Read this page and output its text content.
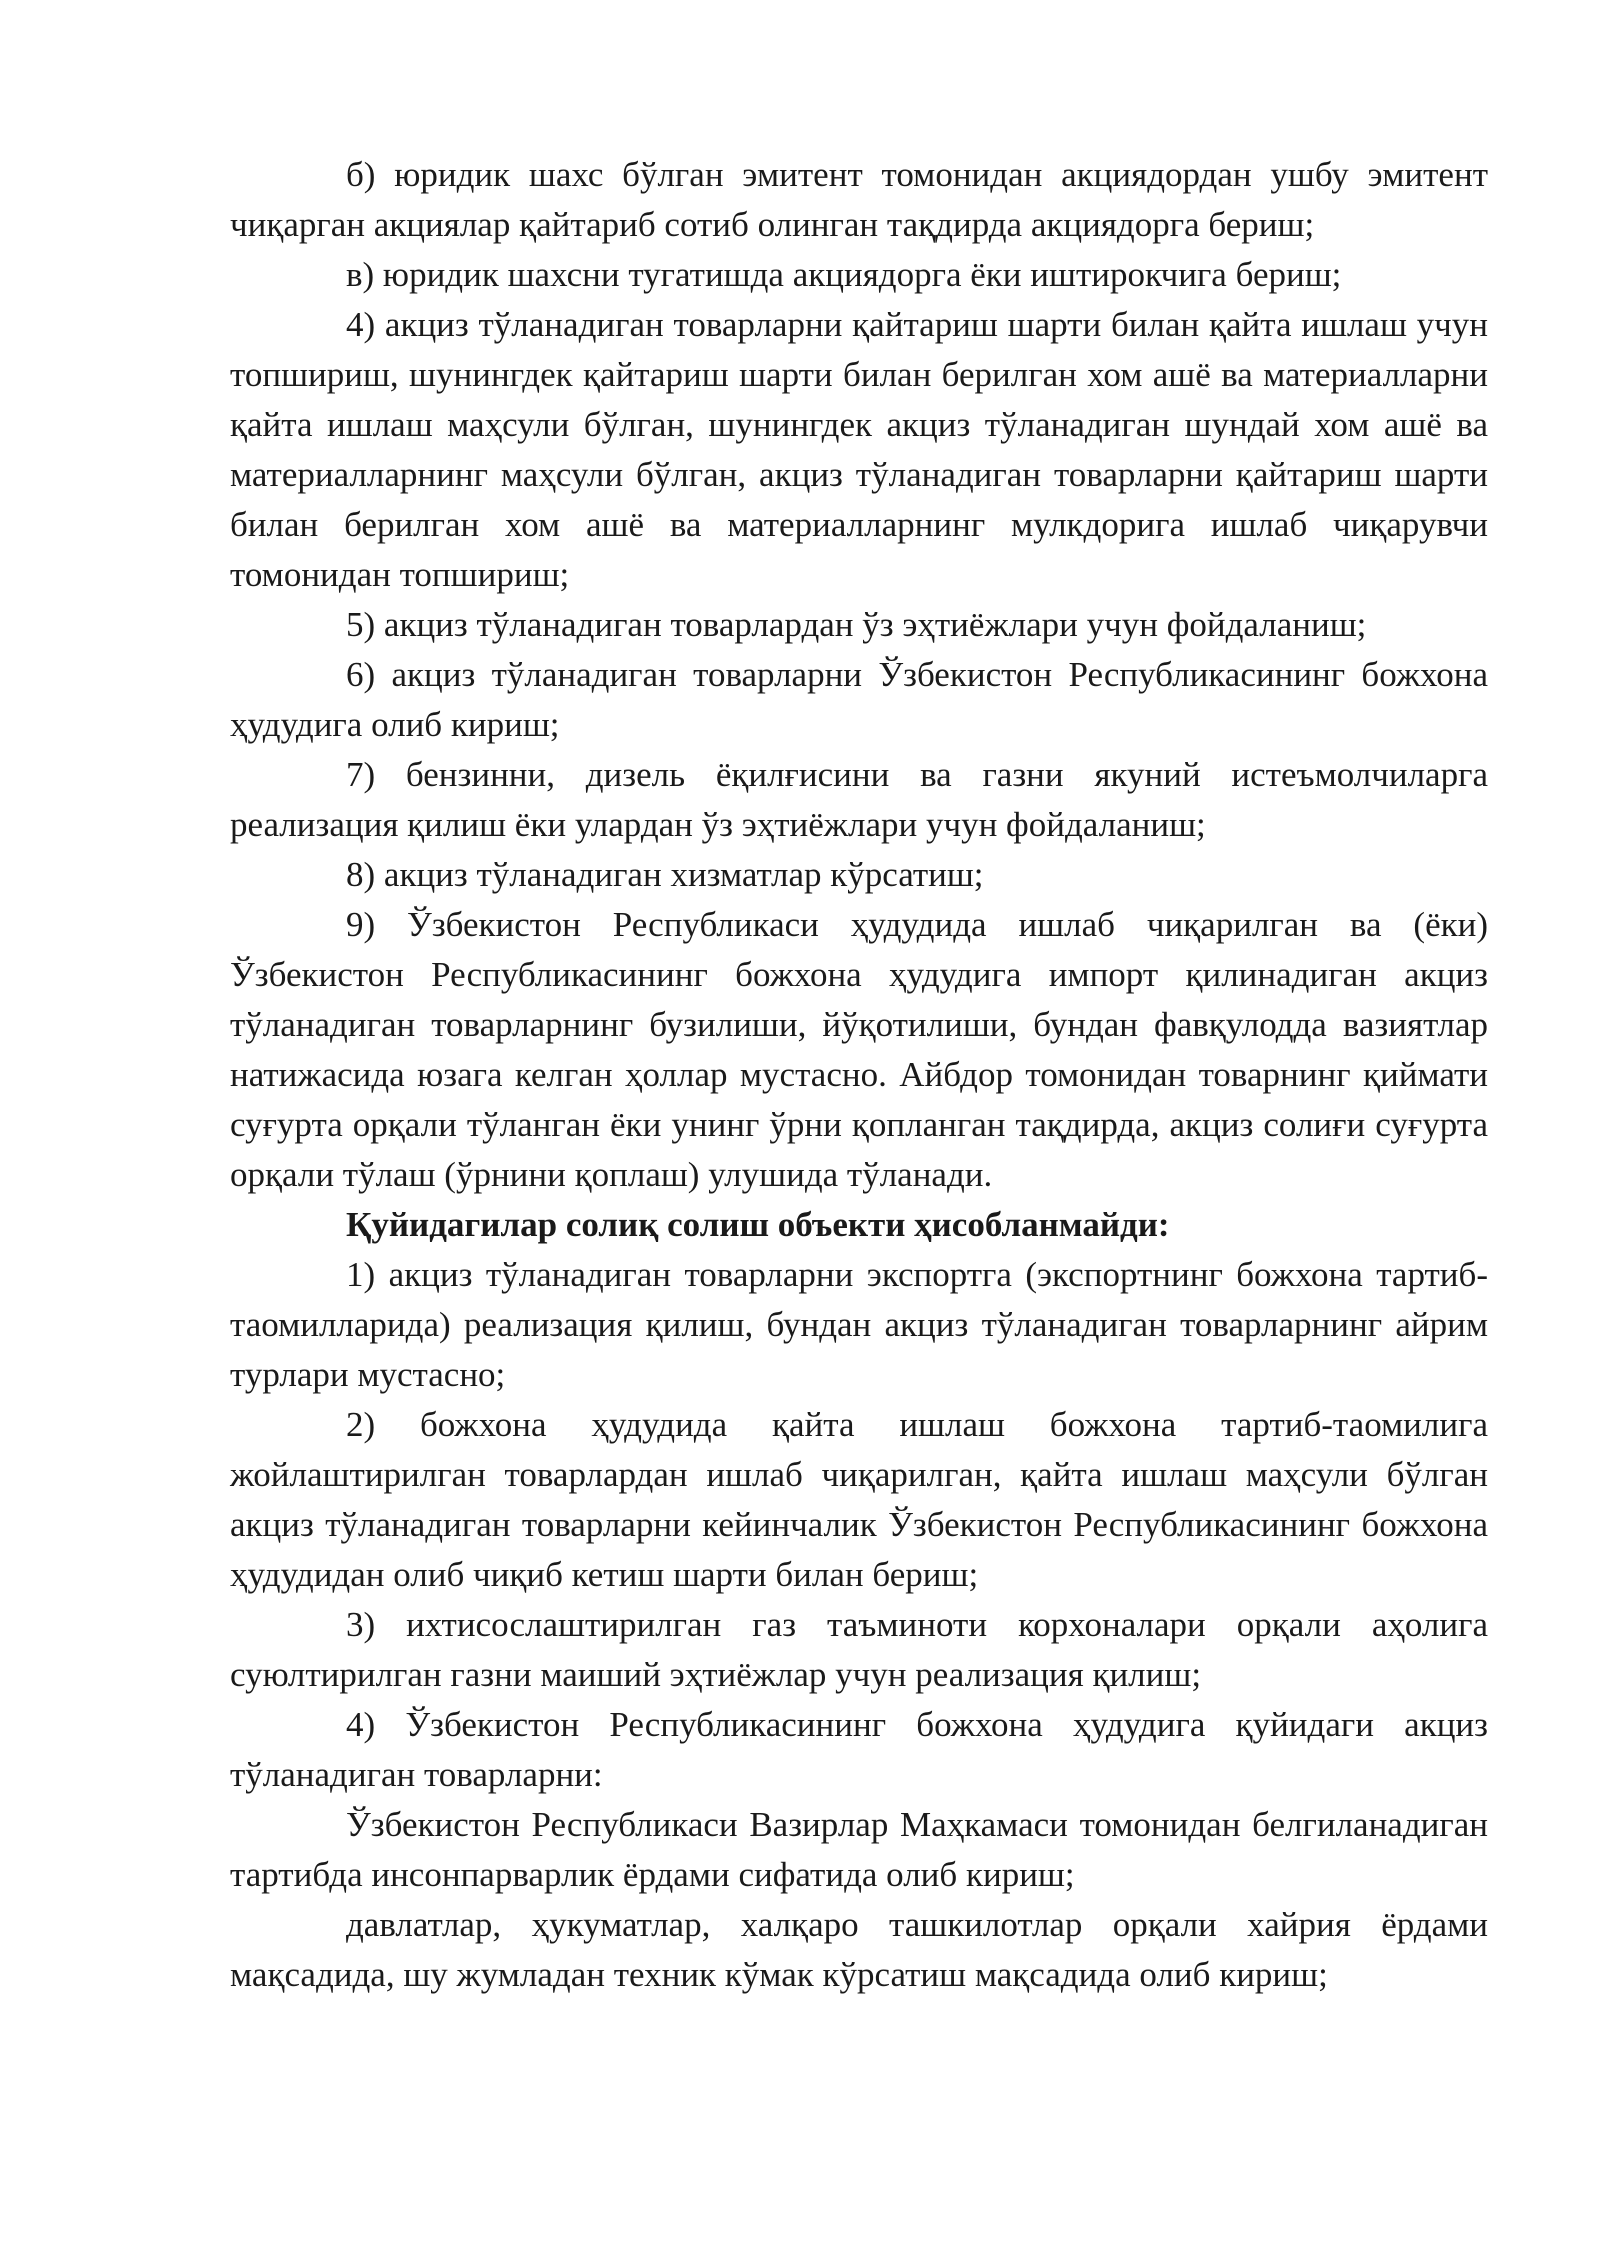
б) юридик шахс бўлган эмитент томонидан акциядордан ушбу эмитент чиқарган акциялар қайтариб сотиб олинган тақдирда акциядорга бериш;

в) юридик шахсни тугатишда акциядорга ёки иштирокчига бериш;

4) акциз тўланадиган товарларни қайтариш шарти билан қайта ишлаш учун топшириш, шунингдек қайтариш шарти билан берилган хом ашё ва материалларни қайта ишлаш маҳсули бўлган, шунингдек акциз тўланадиган шундай хом ашё ва материалларнинг маҳсули бўлган, акциз тўланадиган товарларни қайтариш шарти билан берилган хом ашё ва материалларнинг мулкдорига ишлаб чиқарувчи томонидан топшириш;

5) акциз тўланадиган товарлардан ўз эҳтиёжлари учун фойдаланиш;

6) акциз тўланадиган товарларни Ўзбекистон Республикасининг божхона ҳудудига олиб кириш;

7) бензинни, дизель ёқилғисини ва газни якуний истеъмолчиларга реализация қилиш ёки улардан ўз эҳтиёжлари учун фойдаланиш;

8) акциз тўланадиган хизматлар кўрсатиш;

9) Ўзбекистон Республикаси ҳудудида ишлаб чиқарилган ва (ёки) Ўзбекистон Республикасининг божхона ҳудудига импорт қилинадиган акциз тўланадиган товарларнинг бузилиши, йўқотилиши, бундан фавқулодда вазиятлар натижасида юзага келган ҳоллар мустасно. Айбдор томонидан товарнинг қиймати суғурта орқали тўланган ёки унинг ўрни қопланган тақдирда, акциз солиғи суғурта орқали тўлаш (ўрнини қоплаш) улушида тўланади.

Қуйидагилар солиқ солиш объекти ҳисобланмайди:

1) акциз тўланадиган товарларни экспортга (экспортнинг божхона тартиб-таомилларида) реализация қилиш, бундан акциз тўланадиган товарларнинг айрим турлари мустасно;

2) божхона ҳудудида қайта ишлаш божхона тартиб-таомилига жойлаштирилган товарлардан ишлаб чиқарилган, қайта ишлаш маҳсули бўлган акциз тўланадиган товарларни кейинчалик Ўзбекистон Республикасининг божхона ҳудудидан олиб чиқиб кетиш шарти билан бериш;

3) ихтисослаштирилган газ таъминоти корхоналари орқали аҳолига суюлтирилган газни маиший эҳтиёжлар учун реализация қилиш;

4) Ўзбекистон Республикасининг божхона ҳудудига қуйидаги акциз тўланадиган товарларни:

Ўзбекистон Республикаси Вазирлар Маҳкамаси томонидан белгиланадиган тартибда инсонпарварлик ёрдами сифатида олиб кириш;

давлатлар, ҳукуматлар, халқаро ташкилотлар орқали хайрия ёрдами мақсадида, шу жумладан техник кўмак кўрсатиш мақсадида олиб кириш;
